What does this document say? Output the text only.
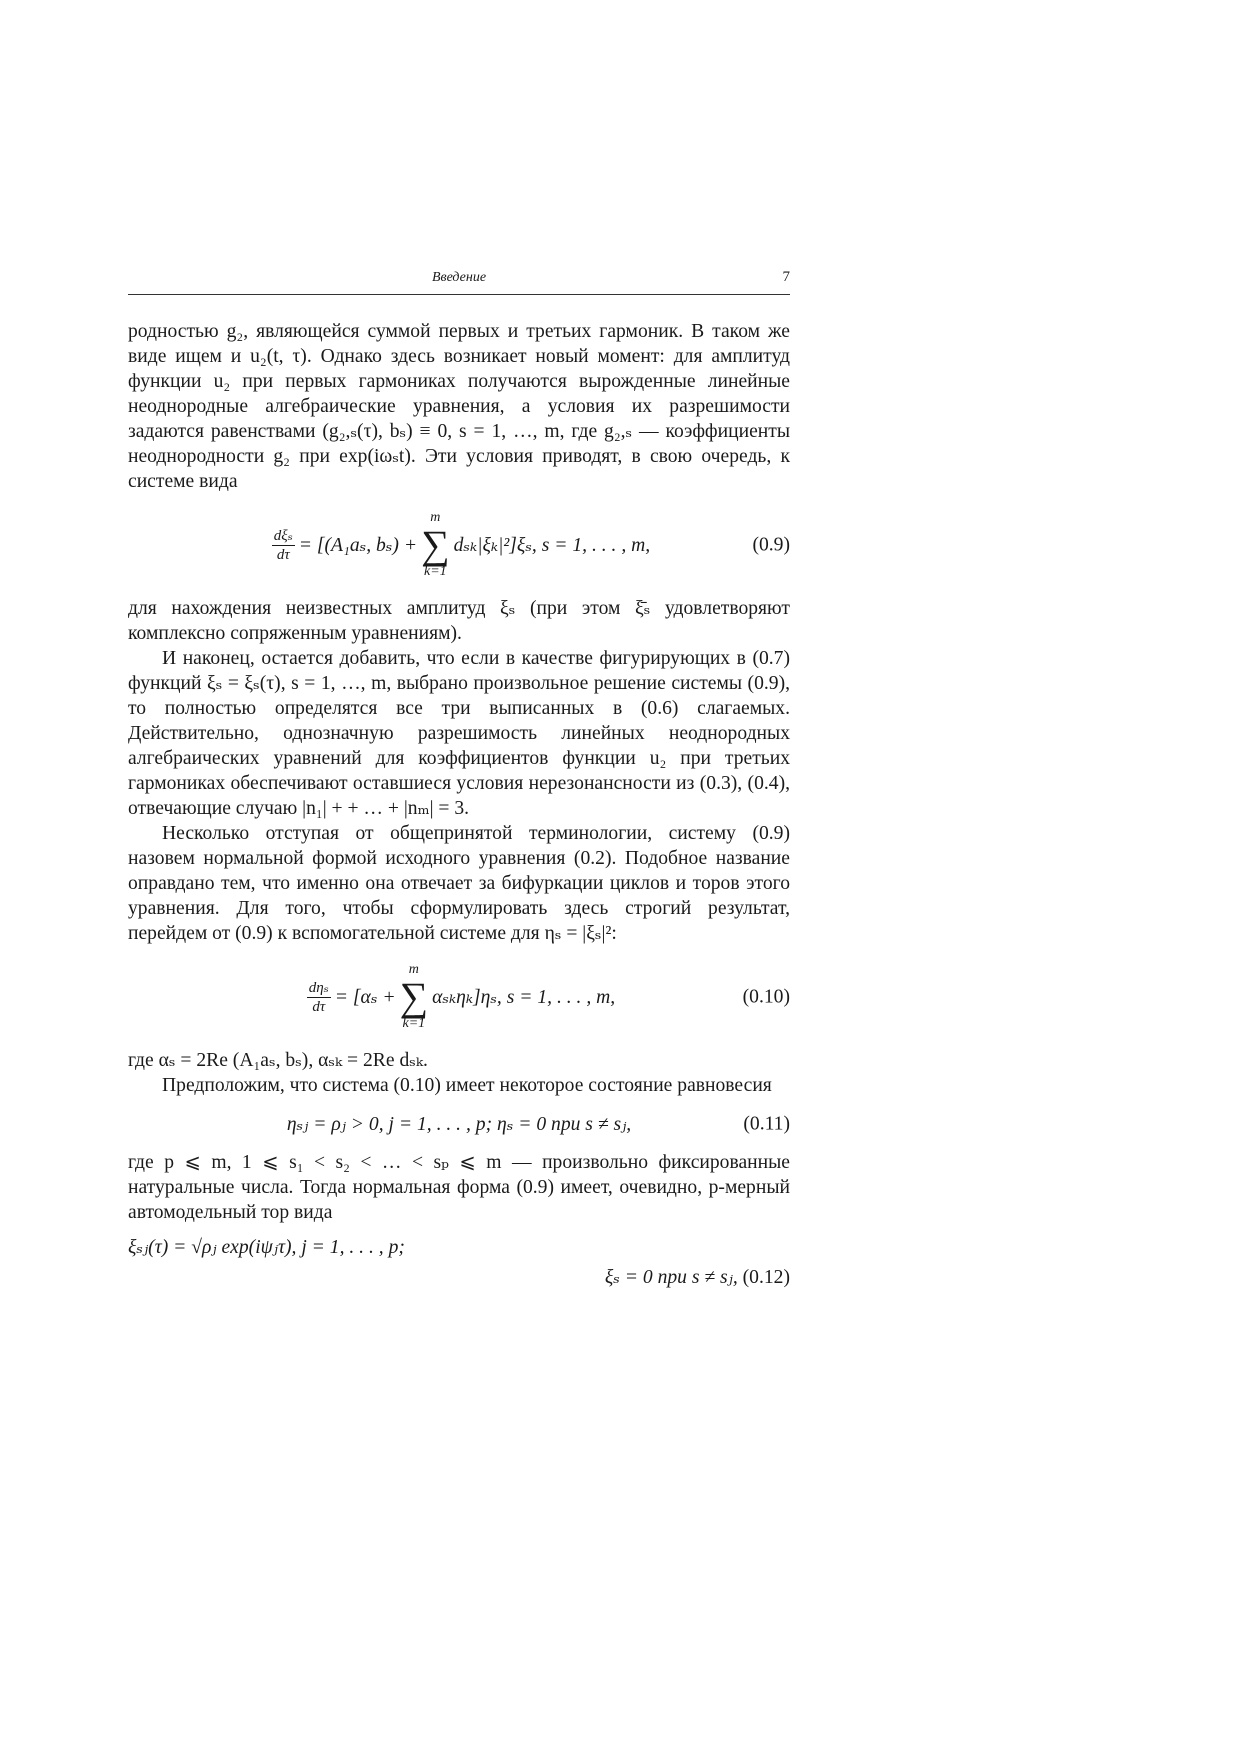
Введение	7

родностью g₂, являющейся суммой первых и третьих гармоник. В таком же виде ищем и u₂(t, τ). Однако здесь возникает новый момент: для амплитуд функции u₂ при первых гармониках получаются вырожденные линейные неоднородные алгебраические уравнения, а условия их разрешимости задаются равенствами (g₂,ₛ(τ), bₛ) ≡ 0, s = 1, …, m, где g₂,ₛ — коэффициенты неоднородности g₂ при exp(iωₛt). Эти условия приводят, в свою очередь, к системе вида

$\frac{\text{dξₛ}}{d\tau} = [(A_1a_s$, bₛ) +
m
∑
k=1
dₛₖ|ξₖ|²]ξₛ, s = 1, . . . , m,	(0.9)

для нахождения неизвестных амплитуд ξₛ (при этом ξ̄ₛ удовлетворяют комплексно сопряженным уравнениям).

И наконец, остается добавить, что если в качестве фигурирующих в (0.7) функций ξₛ = ξₛ(τ), s = 1, …, m, выбрано произвольное решение системы (0.9), то полностью определятся все три выписанных в (0.6) слагаемых. Действительно, однозначную разрешимость линейных неоднородных алгебраических уравнений для коэффициентов функции u₂ при третьих гармониках обеспечивают оставшиеся условия нерезонансности из (0.3), (0.4), отвечающие случаю |n₁| + + … + |nₘ| = 3.

Несколько отступая от общепринятой терминологии, систему (0.9) назовем нормальной формой исходного уравнения (0.2). Подобное название оправдано тем, что именно она отвечает за бифуркации циклов и торов этого уравнения. Для того, чтобы сформулировать здесь строгий результат, перейдем от (0.9) к вспомогательной системе для ηₛ = |ξₛ|²:

$\frac{\text{dηₛ}}{d\tau} = [\alpha_s$ +
m
∑
k=1
αₛₖηₖ]ηₛ, s = 1, . . . , m,	(0.10)

где αₛ = 2Re (A₁aₛ, bₛ), αₛₖ = 2Re dₛₖ.

Предположим, что система (0.10) имеет некоторое состояние равновесия

ηₛⱼ = ρⱼ > 0, j = 1, . . . , p; ηₛ = 0 при s ≠ sⱼ,	(0.11)

где p ⩽ m, 1 ⩽ s₁ < s₂ < … < sₚ ⩽ m — произвольно фиксированные натуральные числа. Тогда нормальная форма (0.9) имеет, очевидно, p-мерный автомодельный тор вида

ξₛⱼ(τ) = √ρⱼ exp(iψⱼτ), j = 1, . . . , p;
ξₛ = 0 при s ≠ sⱼ, (0.12)
